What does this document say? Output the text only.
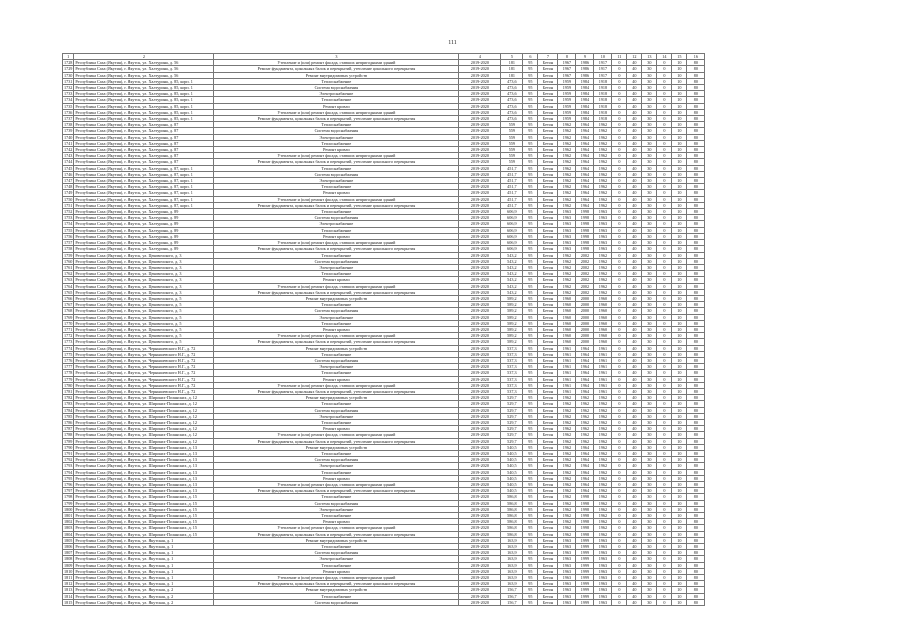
111
1	2	3	4	5	6	7	8	9	10	11	12	13	14	15	16
1728	Республика Саха (Якутия), г. Якутск, ул. Халтурина, д. 56	Утепление и (или) ремонт фасада, ставших непригодными зданий	2019-2020	181	95	Бетон	1967	1986	1917	0	40	30	0	10	80
1729	Республика Саха (Якутия), г. Якутск, ул. Халтурина, д. 56	Ремонт фундамента, цокольных балок и перекрытий, утепление цокольного перекрытия	2019-2020	181	95	Бетон	1967	1986	1917	0	40	30	0	10	80
1730	Республика Саха (Якутия), г. Якутск, ул. Халтурина, д. 56	Ремонт внутридомовых устройств	2019-2020	181	95	Бетон	1967	1986	1917	0	40	30	0	10	80
1731	Республика Саха (Якутия), г. Якутск, ул. Халтурина, д. 85, корп. 1	Теплоснабжение	2019-2020	473,6	95	Бетон	1959	1984	1918	0	40	30	0	10	80
1732	Республика Саха (Якутия), г. Якутск, ул. Халтурина, д. 85, корп. 1	Система водоснабжения	2019-2020	473,6	95	Бетон	1959	1984	1918	0	40	30	0	10	80
1733	Республика Саха (Якутия), г. Якутск, ул. Халтурина, д. 85, корп. 1	Электроснабжение	2019-2020	473,6	95	Бетон	1959	1984	1918	0	40	30	0	10	80
1734	Республика Саха (Якутия), г. Якутск, ул. Халтурина, д. 85, корп. 1	Теплоснабжение	2019-2020	473,6	95	Бетон	1959	1984	1918	0	40	30	0	10	80
1735	Республика Саха (Якутия), г. Якутск, ул. Халтурина, д. 85, корп. 1	Ремонт кровли	2019-2020	473,6	95	Бетон	1959	1984	1918	0	40	30	0	10	80
1736	Республика Саха (Якутия), г. Якутск, ул. Халтурина, д. 85, корп. 1	Утепление и (или) ремонт фасада, ставших непригодными зданий	2019-2020	473,6	95	Бетон	1959	1984	1918	0	40	30	0	10	80
1737	Республика Саха (Якутия), г. Якутск, ул. Халтурина, д. 85, корп. 1	Ремонт фундамента, цокольных балок и перекрытий, утепление цокольного перекрытия	2019-2020	473,6	95	Бетон	1959	1984	1918	0	40	30	0	10	80
1738	Республика Саха (Якутия), г. Якутск, ул. Халтурина, д. 87	Теплоснабжение	2019-2020	559	95	Бетон	1962	1964	1962	0	40	30	0	10	80
1739	Республика Саха (Якутия), г. Якутск, ул. Халтурина, д. 87	Система водоснабжения	2019-2020	559	95	Бетон	1962	1964	1962	0	40	30	0	10	80
1740	Республика Саха (Якутия), г. Якутск, ул. Халтурина, д. 87	Электроснабжение	2019-2020	559	95	Бетон	1962	1964	1962	0	40	30	0	10	80
1741	Республика Саха (Якутия), г. Якутск, ул. Халтурина, д. 87	Теплоснабжение	2019-2020	559	95	Бетон	1962	1964	1962	0	40	30	0	10	80
1742	Республика Саха (Якутия), г. Якутск, ул. Халтурина, д. 87	Ремонт кровли	2019-2020	559	95	Бетон	1962	1964	1962	0	40	30	0	10	80
1743	Республика Саха (Якутия), г. Якутск, ул. Халтурина, д. 87	Утепление и (или) ремонт фасада, ставших непригодными зданий	2019-2020	559	95	Бетон	1962	1964	1962	0	40	30	0	10	80
1744	Республика Саха (Якутия), г. Якутск, ул. Халтурина, д. 87	Ремонт фундамента, цокольных балок и перекрытий, утепление цокольного перекрытия	2019-2020	559	95	Бетон	1962	1964	1962	0	40	30	0	10	80
1745	Республика Саха (Якутия), г. Якутск, ул. Халтурина, д. 87, корп. 1	Теплоснабжение	2019-2020	451,7	95	Бетон	1962	1964	1962	0	40	30	0	10	80
1746	Республика Саха (Якутия), г. Якутск, ул. Халтурина, д. 87, корп. 1	Система водоснабжения	2019-2020	451,7	95	Бетон	1962	1964	1962	0	40	30	0	10	80
1747	Республика Саха (Якутия), г. Якутск, ул. Халтурина, д. 87, корп. 1	Электроснабжение	2019-2020	451,7	95	Бетон	1962	1964	1962	0	40	30	0	10	80
1748	Республика Саха (Якутия), г. Якутск, ул. Халтурина, д. 87, корп. 1	Теплоснабжение	2019-2020	451,7	95	Бетон	1962	1964	1962	0	40	30	0	10	80
1749	Республика Саха (Якутия), г. Якутск, ул. Халтурина, д. 87, корп. 1	Ремонт кровли	2019-2020	451,7	95	Бетон	1962	1964	1962	0	40	30	0	10	80
1750	Республика Саха (Якутия), г. Якутск, ул. Халтурина, д. 87, корп. 1	Утепление и (или) ремонт фасада, ставших непригодными зданий	2019-2020	451,7	95	Бетон	1962	1964	1962	0	40	30	0	10	80
1751	Республика Саха (Якутия), г. Якутск, ул. Халтурина, д. 87, корп. 1	Ремонт фундамента, цокольных балок и перекрытий, утепление цокольного перекрытия	2019-2020	451,7	95	Бетон	1962	1964	1962	0	40	30	0	10	80
1752	Республика Саха (Якутия), г. Якутск, ул. Халтурина, д. 89	Теплоснабжение	2019-2020	606,9	95	Бетон	1963	1998	1963	0	40	30	0	10	80
1753	Республика Саха (Якутия), г. Якутск, ул. Халтурина, д. 89	Система водоснабжения	2019-2020	606,9	95	Бетон	1963	1998	1963	0	40	30	0	10	80
1754	Республика Саха (Якутия), г. Якутск, ул. Халтурина, д. 89	Электроснабжение	2019-2020	606,9	95	Бетон	1963	1998	1963	0	40	30	0	10	80
1755	Республика Саха (Якутия), г. Якутск, ул. Халтурина, д. 89	Теплоснабжение	2019-2020	606,9	95	Бетон	1963	1998	1963	0	40	30	0	10	80
1756	Республика Саха (Якутия), г. Якутск, ул. Халтурина, д. 89	Ремонт кровли	2019-2020	606,9	95	Бетон	1963	1998	1963	0	40	30	0	10	80
1757	Республика Саха (Якутия), г. Якутск, ул. Халтурина, д. 89	Утепление и (или) ремонт фасада, ставших непригодными зданий	2019-2020	606,9	95	Бетон	1963	1998	1963	0	40	30	0	10	80
1758	Республика Саха (Якутия), г. Якутск, ул. Халтурина, д. 89	Ремонт фундамента, цокольных балок и перекрытий, утепление цокольного перекрытия	2019-2020	606,9	95	Бетон	1963	1998	1963	0	40	30	0	10	80
1759	Республика Саха (Якутия), г. Якутск, ул. Цековичского, д. 3	Теплоснабжение	2019-2020	543,2	95	Бетон	1962	2002	1962	0	40	30	0	10	80
1760	Республика Саха (Якутия), г. Якутск, ул. Цековичского, д. 3	Система водоснабжения	2019-2020	543,2	95	Бетон	1962	2002	1962	0	40	30	0	10	80
1761	Республика Саха (Якутия), г. Якутск, ул. Цековичского, д. 3	Электроснабжение	2019-2020	543,2	95	Бетон	1962	2002	1962	0	40	30	0	10	80
1762	Республика Саха (Якутия), г. Якутск, ул. Цековичского, д. 3	Теплоснабжение	2019-2020	543,2	95	Бетон	1962	2002	1962	0	40	30	0	10	80
1763	Республика Саха (Якутия), г. Якутск, ул. Цековичского, д. 3	Ремонт кровли	2019-2020	543,2	95	Бетон	1962	2002	1962	0	40	30	0	10	80
1764	Республика Саха (Якутия), г. Якутск, ул. Цековичского, д. 3	Утепление и (или) ремонт фасада, ставших непригодными зданий	2019-2020	543,2	95	Бетон	1962	2002	1962	0	40	30	0	10	80
1765	Республика Саха (Якутия), г. Якутск, ул. Цековичского, д. 3	Ремонт фундамента, цокольных балок и перекрытий, утепление цокольного перекрытия	2019-2020	543,2	95	Бетон	1962	2002	1962	0	40	30	0	10	80
1766	Республика Саха (Якутия), г. Якутск, ул. Цековичского, д. 5	Ремонт внутридомовых устройств	2019-2020	589,2	95	Бетон	1960	2000	1960	0	40	30	0	10	80
1767	Республика Саха (Якутия), г. Якутск, ул. Цековичского, д. 5	Теплоснабжение	2019-2020	589,2	95	Бетон	1960	2000	1960	0	40	30	0	10	80
1768	Республика Саха (Якутия), г. Якутск, ул. Цековичского, д. 5	Система водоснабжения	2019-2020	589,2	95	Бетон	1960	2000	1960	0	40	30	0	10	80
1769	Республика Саха (Якутия), г. Якутск, ул. Цековичского, д. 5	Электроснабжение	2019-2020	589,2	95	Бетон	1960	2000	1960	0	40	30	0	10	80
1770	Республика Саха (Якутия), г. Якутск, ул. Цековичского, д. 5	Теплоснабжение	2019-2020	589,2	95	Бетон	1960	2000	1960	0	40	30	0	10	80
1771	Республика Саха (Якутия), г. Якутск, ул. Цековичского, д. 5	Ремонт кровли	2019-2020	589,2	95	Бетон	1960	2000	1960	0	40	30	0	10	80
1772	Республика Саха (Якутия), г. Якутск, ул. Цековичского, д. 5	Утепление и (или) ремонт фасада, ставших непригодными зданий	2019-2020	589,2	95	Бетон	1960	2000	1960	0	40	30	0	10	80
1773	Республика Саха (Якутия), г. Якутск, ул. Цековичского, д. 5	Ремонт фундамента, цокольных балок и перекрытий, утепление цокольного перекрытия	2019-2020	589,2	95	Бетон	1960	2000	1960	0	40	30	0	10	80
1774	Республика Саха (Якутия), г. Якутск, ул. Чернышевского Н.Г., д. 72	Ремонт внутридомовых устройств	2019-2020	537,3	95	Бетон	1961	1964	1961	0	40	30	0	10	80
1775	Республика Саха (Якутия), г. Якутск, ул. Чернышевского Н.Г., д. 72	Теплоснабжение	2019-2020	537,3	95	Бетон	1961	1964	1961	0	40	30	0	10	80
1776	Республика Саха (Якутия), г. Якутск, ул. Чернышевского Н.Г., д. 72	Система водоснабжения	2019-2020	537,3	95	Бетон	1961	1964	1961	0	40	30	0	10	80
1777	Республика Саха (Якутия), г. Якутск, ул. Чернышевского Н.Г., д. 72	Электроснабжение	2019-2020	537,3	95	Бетон	1961	1964	1961	0	40	30	0	10	80
1778	Республика Саха (Якутия), г. Якутск, ул. Чернышевского Н.Г., д. 72	Теплоснабжение	2019-2020	537,3	95	Бетон	1961	1964	1961	0	40	30	0	10	80
1779	Республика Саха (Якутия), г. Якутск, ул. Чернышевского Н.Г., д. 72	Ремонт кровли	2019-2020	537,3	95	Бетон	1961	1964	1961	0	40	30	0	10	80
1780	Республика Саха (Якутия), г. Якутск, ул. Чернышевского Н.Г., д. 72	Утепление и (или) ремонт фасада, ставших непригодными зданий	2019-2020	537,3	95	Бетон	1961	1964	1961	0	40	30	0	10	80
1781	Республика Саха (Якутия), г. Якутск, ул. Чернышевского Н.Г., д. 72	Ремонт фундамента, цокольных балок и перекрытий, утепление цокольного перекрытия	2019-2020	537,3	95	Бетон	1961	1964	1961	0	40	30	0	10	80
1782	Республика Саха (Якутия), г. Якутск, ул. Широких-Полянских, д. 12	Ремонт внутридомовых устройств	2019-2020	529,7	95	Бетон	1962	1962	1962	0	40	30	0	10	80
1783	Республика Саха (Якутия), г. Якутск, ул. Широких-Полянских, д. 12	Теплоснабжение	2019-2020	529,7	95	Бетон	1962	1962	1962	0	40	30	0	10	80
1784	Республика Саха (Якутия), г. Якутск, ул. Широких-Полянских, д. 12	Система водоснабжения	2019-2020	529,7	95	Бетон	1962	1962	1962	0	40	30	0	10	80
1785	Республика Саха (Якутия), г. Якутск, ул. Широких-Полянских, д. 12	Электроснабжение	2019-2020	529,7	95	Бетон	1962	1962	1962	0	40	30	0	10	80
1786	Республика Саха (Якутия), г. Якутск, ул. Широких-Полянских, д. 12	Теплоснабжение	2019-2020	529,7	95	Бетон	1962	1962	1962	0	40	30	0	10	80
1787	Республика Саха (Якутия), г. Якутск, ул. Широких-Полянских, д. 12	Ремонт кровли	2019-2020	529,7	95	Бетон	1962	1962	1962	0	40	30	0	10	80
1788	Республика Саха (Якутия), г. Якутск, ул. Широких-Полянских, д. 12	Утепление и (или) ремонт фасада, ставших непригодными зданий	2019-2020	529,7	95	Бетон	1962	1962	1962	0	40	30	0	10	80
1789	Республика Саха (Якутия), г. Якутск, ул. Широких-Полянских, д. 12	Ремонт фундамента, цокольных балок и перекрытий, утепление цокольного перекрытия	2019-2020	529,7	95	Бетон	1962	1962	1962	0	40	30	0	10	80
1790	Республика Саха (Якутия), г. Якутск, ул. Широких-Полянских, д. 13	Ремонт внутридомовых устройств	2019-2020	540,5	95	Бетон	1962	1964	1962	0	40	30	0	10	80
1791	Республика Саха (Якутия), г. Якутск, ул. Широких-Полянских, д. 13	Теплоснабжение	2019-2020	540,5	95	Бетон	1962	1964	1962	0	40	30	0	10	80
1792	Республика Саха (Якутия), г. Якутск, ул. Широких-Полянских, д. 13	Система водоснабжения	2019-2020	540,5	95	Бетон	1962	1964	1962	0	40	30	0	10	80
1793	Республика Саха (Якутия), г. Якутск, ул. Широких-Полянских, д. 13	Электроснабжение	2019-2020	540,5	95	Бетон	1962	1964	1962	0	40	30	0	10	80
1794	Республика Саха (Якутия), г. Якутск, ул. Широких-Полянских, д. 13	Теплоснабжение	2019-2020	540,5	95	Бетон	1962	1964	1962	0	40	30	0	10	80
1795	Республика Саха (Якутия), г. Якутск, ул. Широких-Полянских, д. 13	Ремонт кровли	2019-2020	540,5	95	Бетон	1962	1964	1962	0	40	30	0	10	80
1796	Республика Саха (Якутия), г. Якутск, ул. Широких-Полянских, д. 13	Утепление и (или) ремонт фасада, ставших непригодными зданий	2019-2020	540,5	95	Бетон	1962	1964	1962	0	40	30	0	10	80
1797	Республика Саха (Якутия), г. Якутск, ул. Широких-Полянских, д. 13	Ремонт фундамента, цокольных балок и перекрытий, утепление цокольного перекрытия	2019-2020	540,5	95	Бетон	1962	1964	1962	0	40	30	0	10	80
1798	Республика Саха (Якутия), г. Якутск, ул. Широких-Полянских, д. 15	Теплоснабжение	2019-2020	586,8	95	Бетон	1962	1998	1962	0	40	30	0	10	80
1799	Республика Саха (Якутия), г. Якутск, ул. Широких-Полянских, д. 15	Система водоснабжения	2019-2020	586,8	95	Бетон	1962	1998	1962	0	40	30	0	10	80
1800	Республика Саха (Якутия), г. Якутск, ул. Широких-Полянских, д. 15	Электроснабжение	2019-2020	586,8	95	Бетон	1962	1998	1962	0	40	30	0	10	80
1801	Республика Саха (Якутия), г. Якутск, ул. Широких-Полянских, д. 15	Теплоснабжение	2019-2020	586,8	95	Бетон	1962	1998	1962	0	40	30	0	10	80
1802	Республика Саха (Якутия), г. Якутск, ул. Широких-Полянских, д. 15	Ремонт кровли	2019-2020	586,8	95	Бетон	1962	1998	1962	0	40	30	0	10	80
1803	Республика Саха (Якутия), г. Якутск, ул. Широких-Полянских, д. 15	Утепление и (или) ремонт фасада, ставших непригодными зданий	2019-2020	586,8	95	Бетон	1962	1998	1962	0	40	30	0	10	80
1804	Республика Саха (Якутия), г. Якутск, ул. Широких-Полянских, д. 15	Ремонт фундамента, цокольных балок и перекрытий, утепление цокольного перекрытия	2019-2020	586,8	95	Бетон	1962	1998	1962	0	40	30	0	10	80
1805	Республика Саха (Якутия), г. Якутск, ул. Якутская, д. 1	Ремонт внутридомовых устройств	2019-2020	163,9	95	Бетон	1963	1999	1963	0	40	30	0	10	80
1806	Республика Саха (Якутия), г. Якутск, ул. Якутская, д. 1	Теплоснабжение	2019-2020	163,9	95	Бетон	1963	1999	1963	0	40	30	0	10	80
1807	Республика Саха (Якутия), г. Якутск, ул. Якутская, д. 1	Система водоснабжения	2019-2020	163,9	95	Бетон	1963	1999	1963	0	40	30	0	10	80
1808	Республика Саха (Якутия), г. Якутск, ул. Якутская, д. 1	Электроснабжение	2019-2020	163,9	95	Бетон	1963	1999	1963	0	40	30	0	10	80
1809	Республика Саха (Якутия), г. Якутск, ул. Якутская, д. 1	Теплоснабжение	2019-2020	163,9	95	Бетон	1963	1999	1963	0	40	30	0	10	80
1810	Республика Саха (Якутия), г. Якутск, ул. Якутская, д. 1	Ремонт кровли	2019-2020	163,9	95	Бетон	1963	1999	1963	0	40	30	0	10	80
1811	Республика Саха (Якутия), г. Якутск, ул. Якутская, д. 1	Утепление и (или) ремонт фасада, ставших непригодными зданий	2019-2020	163,9	95	Бетон	1963	1999	1963	0	40	30	0	10	80
1812	Республика Саха (Якутия), г. Якутск, ул. Якутская, д. 1	Ремонт фундамента, цокольных балок и перекрытий, утепление цокольного перекрытия	2019-2020	163,9	95	Бетон	1963	1999	1963	0	40	30	0	10	80
1813	Республика Саха (Якутия), г. Якутск, ул. Якутская, д. 2	Ремонт внутридомовых устройств	2019-2020	156,7	95	Бетон	1963	1999	1963	0	40	30	0	10	80
1814	Республика Саха (Якутия), г. Якутск, ул. Якутская, д. 2	Теплоснабжение	2019-2020	156,7	95	Бетон	1963	1999	1963	0	40	30	0	10	80
1815	Республика Саха (Якутия), г. Якутск, ул. Якутская, д. 2	Система водоснабжения	2019-2020	156,7	95	Бетон	1963	1999	1963	0	40	30	0	10	80
